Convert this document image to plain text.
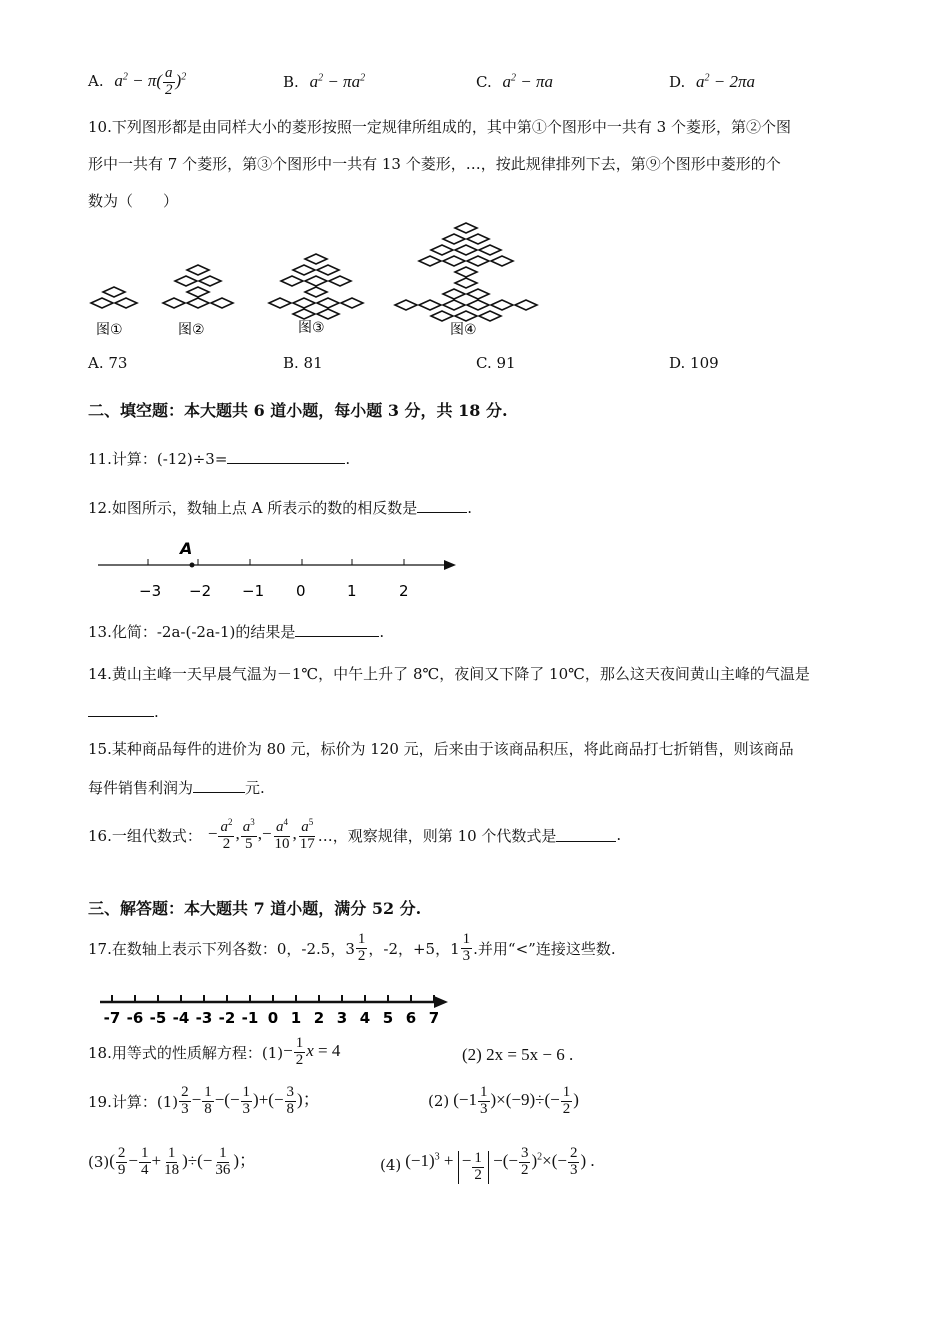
A. $a^2 - \pi( \frac{a}{2} )^2$	B. $a^2 - \pi a^2$	C. $a^2 - \pi a$	D. $a^2 - 2\pi a$
10.下列图形都是由同样大小的菱形按照一定规律所组成的，其中第①个图形中一共有 3 个菱形，第②个图
形中一共有 7 个菱形，第③个图形中一共有 13 个菱形，…，按此规律排列下去，第⑨个图形中菱形的个
数为（　　）
图①	图②	图③	图④
A. 73	B. 81	C. 91	D. 109
二、填空题：本大题共 6 道小题，每小题 3 分，共 18 分.
11.计算：(-12)÷3=	.
12.如图所示，数轴上点 A 所表示的数的相反数是	.
A
−3 −2 −1 0	1	2
13.化简：-2a-(-2a-1)的结果是	.
14.黄山主峰一天早晨气温为－1℃，中午上升了 8℃，夜间又下降了 10℃，那么这天夜间黄山主峰的气温是
.
15.某种商品每件的进价为 80 元，标价为 120 元，后来由于该商品积压，将此商品打七折销售，则该商品
每件销售利润为	元.
16.一组代数式： − $\frac{a^2}{2}$ , $\frac{a^3}{5}$ ,− $\frac{a^4}{10}$ , $\frac{a^5}{17}$ …，观察规律，则第 10 个代数式是	.
三、解答题：本大题共 7 道小题，满分 52 分.
17.在数轴上表示下列各数：0，-2.5，$3 \frac{1}{2}$ ，-2，+5，$1 \frac{1}{3}$ .并用“<”连接这些数.
-7 -6 -5 -4 -3 -2 -1 0 1 2 3 4 5 6 7
18.用等式的性质解方程：$(1) - \frac{1}{2}$ x = 4	(2) 2x = 5x − 6 .
19.计算：$(1) \frac{2}{3} - \frac{1}{8}$ −(− $\frac{1}{3}$ )+(− $\frac{3}{8}$ )；	(2) $(-1 \frac{1}{3} )\times(-9)\div(- \frac{1}{2}$ )
(3) ( $\frac{2}{9} - \frac{1}{4} + \frac{1}{18}$ )÷(− $\frac{1}{36}$ )；	(4) $(-1)^3$ + − $\frac{1}{2}$ −(− $\frac{3}{2} )^2\times(- \frac{2}{3}$ ) .
